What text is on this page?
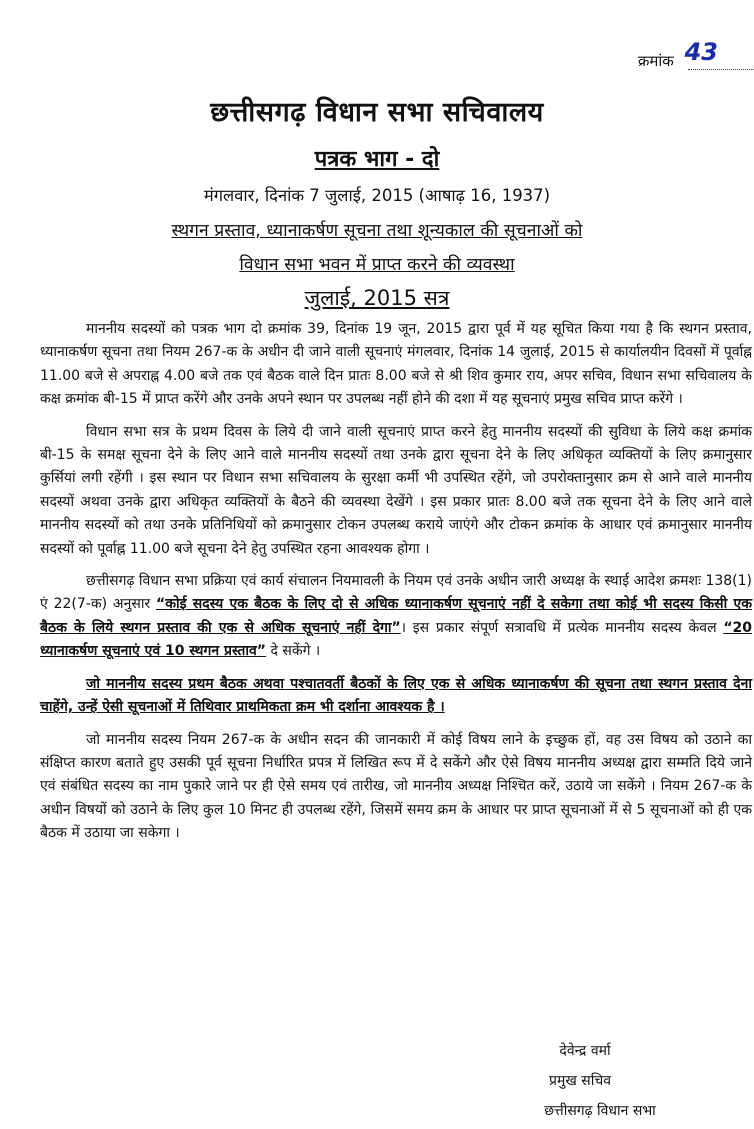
क्रमांक 43
छत्तीसगढ़ विधान सभा सचिवालय
पत्रक भाग - दो
मंगलवार, दिनांक 7 जुलाई, 2015 (आषाढ़ 16, 1937)
स्थगन प्रस्ताव, ध्यानाकर्षण सूचना तथा शून्यकाल की सूचनाओं को
विधान सभा भवन में प्राप्त करने की व्यवस्था
जुलाई, 2015 सत्र

माननीय सदस्यों को पत्रक भाग दो क्रमांक 39, दिनांक 19 जून, 2015 द्वारा पूर्व में यह सूचित किया गया है कि स्थगन प्रस्ताव, ध्यानाकर्षण सूचना तथा नियम 267-क के अधीन दी जाने वाली सूचनाएं मंगलवार, दिनांक 14 जुलाई, 2015 से कार्यालयीन दिवसों में पूर्वाह्न 11.00 बजे से अपराह्न 4.00 बजे तक एवं बैठक वाले दिन प्रातः 8.00 बजे से श्री शिव कुमार राय, अपर सचिव, विधान सभा सचिवालय के कक्ष क्रमांक बी-15 में प्राप्त करेंगे और उनके अपने स्थान पर उपलब्ध नहीं होने की दशा में यह सूचनाएं प्रमुख सचिव प्राप्त करेंगे ।

विधान सभा सत्र के प्रथम दिवस के लिये दी जाने वाली सूचनाएं प्राप्त करने हेतु माननीय सदस्यों की सुविधा के लिये कक्ष क्रमांक बी-15 के समक्ष सूचना देने के लिए आने वाले माननीय सदस्यों तथा उनके द्वारा सूचना देने के लिए अधिकृत व्यक्तियों के लिए क्रमानुसार कुर्सियां लगी रहेंगी । इस स्थान पर विधान सभा सचिवालय के सुरक्षा कर्मी भी उपस्थित रहेंगे, जो उपरोक्तानुसार क्रम से आने वाले माननीय सदस्यों अथवा उनके द्वारा अधिकृत व्यक्तियों के बैठने की व्यवस्था देखेंगे । इस प्रकार प्रातः 8.00 बजे तक सूचना देने के लिए आने वाले माननीय सदस्यों को तथा उनके प्रतिनिधियों को क्रमानुसार टोकन उपलब्ध कराये जाएंगे और टोकन क्रमांक के आधार एवं क्रमानुसार माननीय सदस्यों को पूर्वाह्न 11.00 बजे सूचना देने हेतु उपस्थित रहना आवश्यक होगा ।

छत्तीसगढ़ विधान सभा प्रक्रिया एवं कार्य संचालन नियमावली के नियम एवं उनके अधीन जारी अध्यक्ष के स्थाई आदेश क्रमशः 138(1) एं 22(7-क) अनुसार “कोई सदस्य एक बैठक के लिए दो से अधिक ध्यानाकर्षण सूचनाएं नहीं दे सकेगा तथा कोई भी सदस्य किसी एक बैठक के लिये स्थगन प्रस्ताव की एक से अधिक सूचनाएं नहीं देगा”। इस प्रकार संपूर्ण सत्रावधि में प्रत्येक माननीय सदस्य केवल “20 ध्यानाकर्षण सूचनाएं एवं 10 स्थगन प्रस्ताव” दे सकेंगे ।

जो माननीय सदस्य प्रथम बैठक अथवा पश्चातवर्ती बैठकों के लिए एक से अधिक ध्यानाकर्षण की सूचना तथा स्थगन प्रस्ताव देना चाहेंगे, उन्हें ऐसी सूचनाओं में तिथिवार प्राथमिकता क्रम भी दर्शाना आवश्यक है ।

जो माननीय सदस्य नियम 267-क के अधीन सदन की जानकारी में कोई विषय लाने के इच्छुक हों, वह उस विषय को उठाने का संक्षिप्त कारण बताते हुए उसकी पूर्व सूचना निर्धारित प्रपत्र में लिखित रूप में दे सकेंगे और ऐसे विषय माननीय अध्यक्ष द्वारा सम्मति दिये जाने एवं संबंधित सदस्य का नाम पुकारे जाने पर ही ऐसे समय एवं तारीख, जो माननीय अध्यक्ष निश्चित करें, उठाये जा सकेंगे । नियम 267-क के अधीन विषयों को उठाने के लिए कुल 10 मिनट ही उपलब्ध रहेंगे, जिसमें समय क्रम के आधार पर प्राप्त सूचनाओं में से 5 सूचनाओं को ही एक बैठक में उठाया जा सकेगा ।

देवेन्द्र वर्मा
प्रमुख सचिव
छत्तीसगढ़ विधान सभा
